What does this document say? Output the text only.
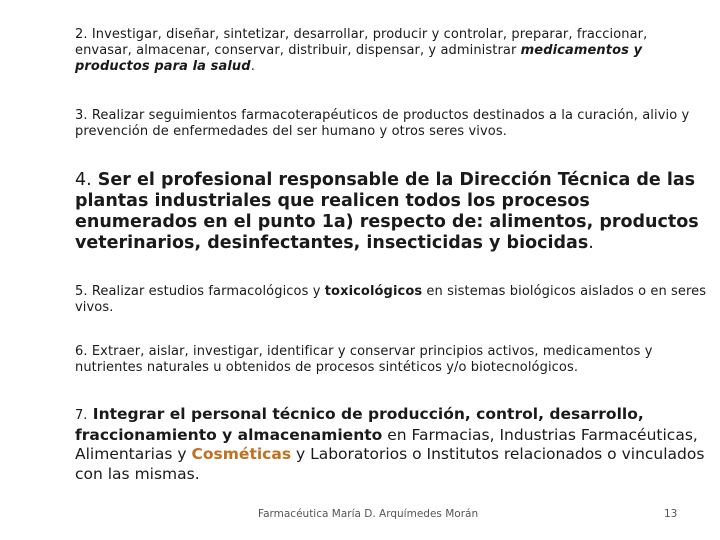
2. Investigar, diseñar, sintetizar, desarrollar, producir y controlar, preparar, fraccionar, envasar, almacenar, conservar, distribuir, dispensar, y administrar medicamentos y productos para la salud.

3. Realizar seguimientos farmacoterapéuticos de productos destinados a la curación, alivio y prevención de enfermedades del ser humano y otros seres vivos.

4. Ser el profesional responsable de la Dirección Técnica de las plantas industriales que realicen todos los procesos enumerados en el punto 1a) respecto de: alimentos, productos veterinarios, desinfectantes, insecticidas y biocidas.

5. Realizar estudios farmacológicos y toxicológicos en sistemas biológicos aislados o en seres vivos.

6. Extraer, aislar, investigar, identificar y conservar principios activos, medicamentos y nutrientes naturales u obtenidos de procesos sintéticos y/o biotecnológicos.

7. Integrar el personal técnico de producción, control, desarrollo, fraccionamiento y almacenamiento en Farmacias, Industrias Farmacéuticas, Alimentarias y Cosméticas y Laboratorios o Institutos relacionados o vinculados con las mismas.

Farmacéutica María D. Arquímedes Morán	13
